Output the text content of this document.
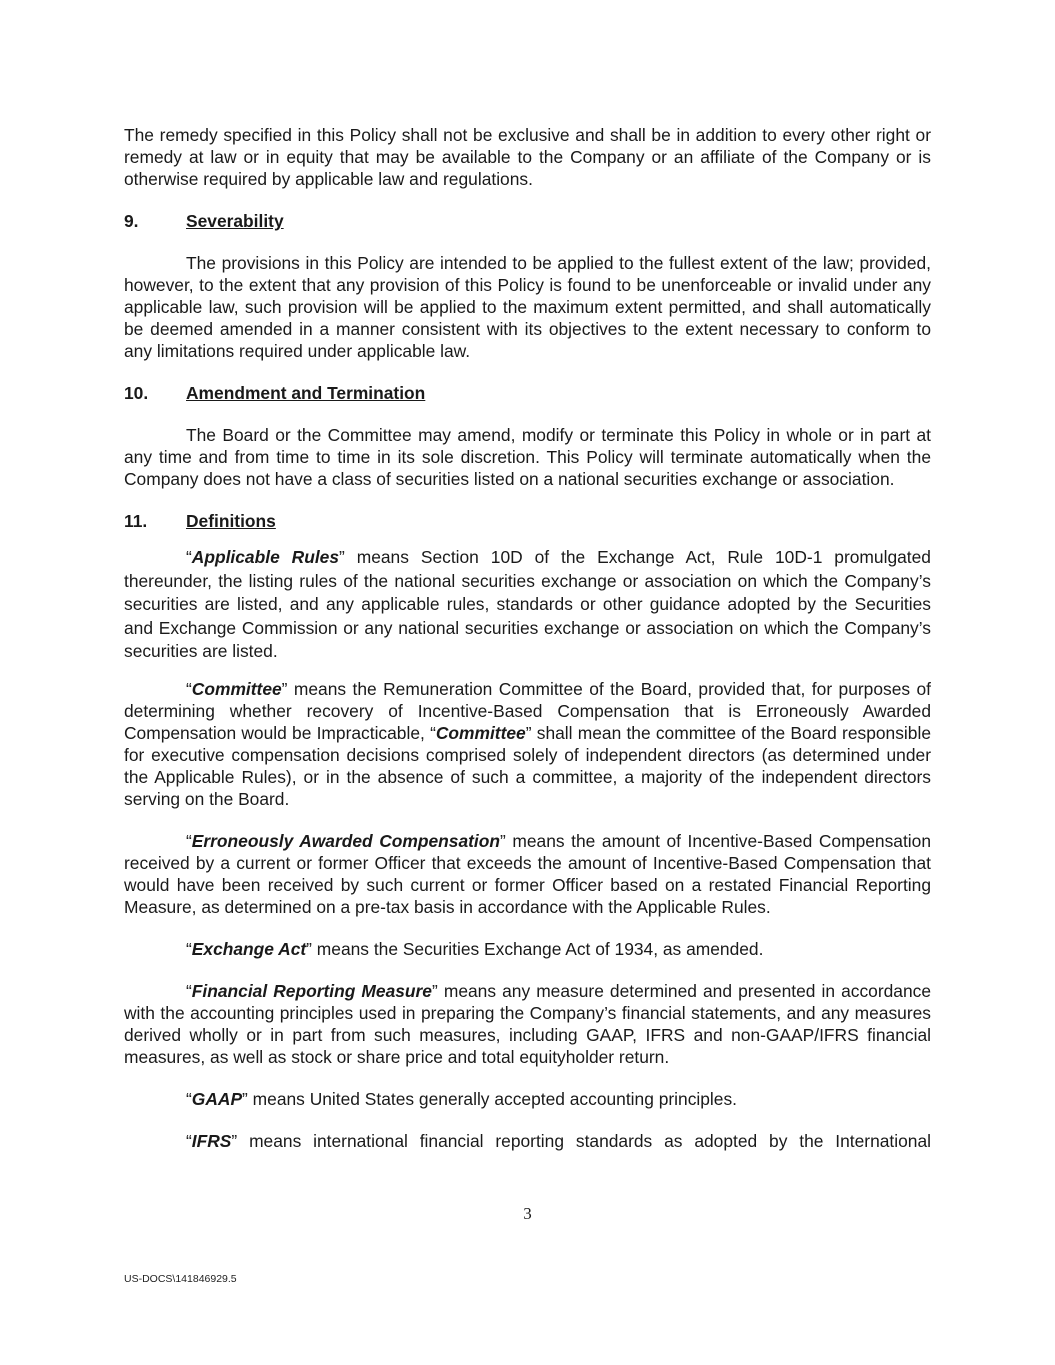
The remedy specified in this Policy shall not be exclusive and shall be in addition to every other right or remedy at law or in equity that may be available to the Company or an affiliate of the Company or is otherwise required by applicable law and regulations.

9.	Severability

The provisions in this Policy are intended to be applied to the fullest extent of the law; provided, however, to the extent that any provision of this Policy is found to be unenforceable or invalid under any applicable law, such provision will be applied to the maximum extent permitted, and shall automatically be deemed amended in a manner consistent with its objectives to the extent necessary to conform to any limitations required under applicable law.

10. Amendment and Termination

The Board or the Committee may amend, modify or terminate this Policy in whole or in part at any time and from time to time in its sole discretion. This Policy will terminate automatically when the Company does not have a class of securities listed on a national securities exchange or association.

11. Definitions

“Applicable Rules” means Section 10D of the Exchange Act, Rule 10D-1 promulgated thereunder, the listing rules of the national securities exchange or association on which the Company’s securities are listed, and any applicable rules, standards or other guidance adopted by the Securities and Exchange Commission or any national securities exchange or association on which the Company’s securities are listed.

“Committee” means the Remuneration Committee of the Board, provided that, for purposes of determining whether recovery of Incentive-Based Compensation that is Erroneously Awarded Compensation would be Impracticable, “Committee” shall mean the committee of the Board responsible for executive compensation decisions comprised solely of independent directors (as determined under the Applicable Rules), or in the absence of such a committee, a majority of the independent directors serving on the Board.

“Erroneously Awarded Compensation” means the amount of Incentive-Based Compensation received by a current or former Officer that exceeds the amount of Incentive-Based Compensation that would have been received by such current or former Officer based on a restated Financial Reporting Measure, as determined on a pre-tax basis in accordance with the Applicable Rules.

“Exchange Act” means the Securities Exchange Act of 1934, as amended.

“Financial Reporting Measure” means any measure determined and presented in accordance with the accounting principles used in preparing the Company’s financial statements, and any measures derived wholly or in part from such measures, including GAAP, IFRS and non-GAAP/IFRS financial measures, as well as stock or share price and total equityholder return.

“GAAP” means United States generally accepted accounting principles.

“IFRS” means international financial reporting standards as adopted by the International

3
US-DOCS\141846929.5
